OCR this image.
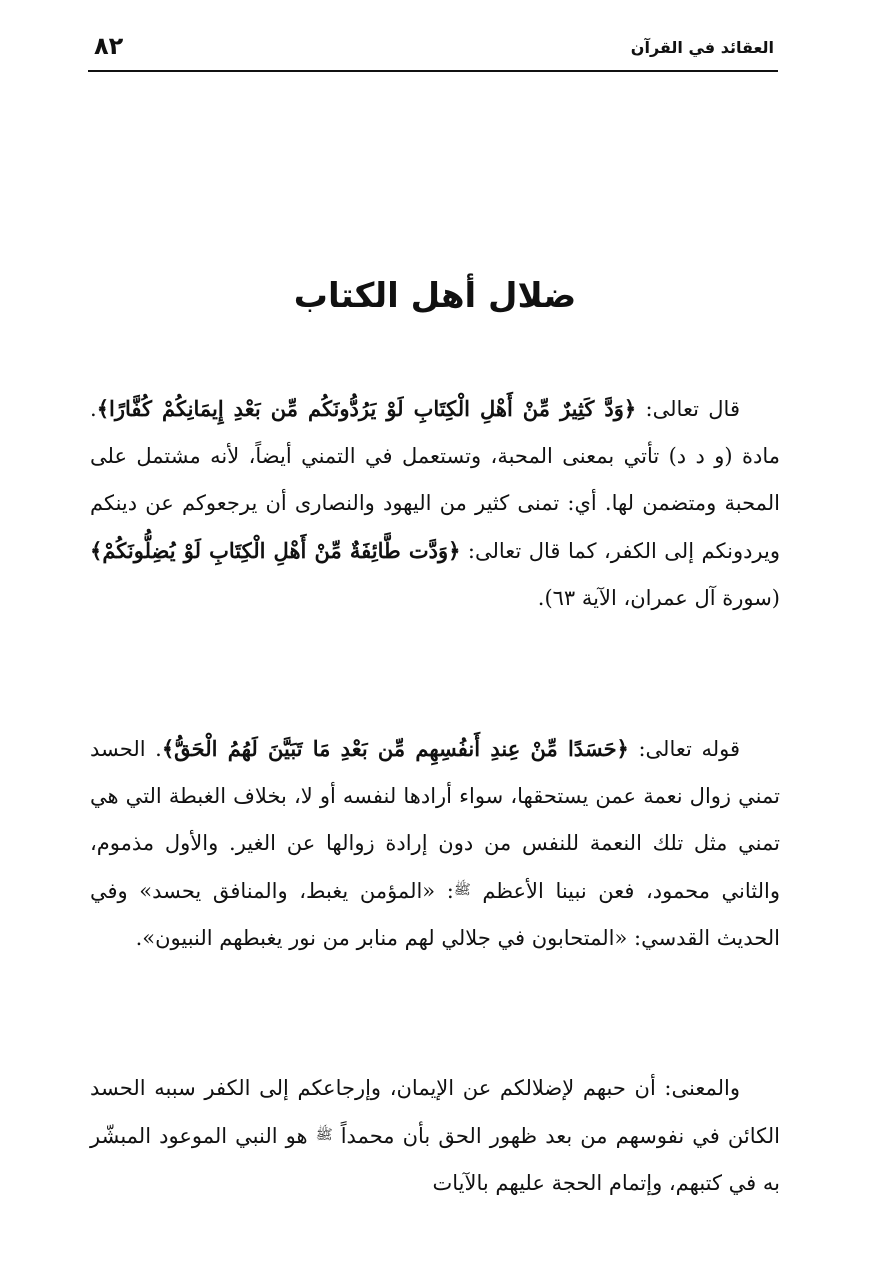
٨٢	العقائد في القرآن
ضلال أهل الكتاب

قال تعالى: ﴿وَدَّ كَثِيرٌ مِّنْ أَهْلِ الْكِتَابِ لَوْ يَرُدُّونَكُم مِّن بَعْدِ إِيمَانِكُمْ كُفَّارًا﴾. مادة (و د د) تأتي بمعنى المحبة، وتستعمل في التمني أيضاً، لأنه مشتمل على المحبة ومتضمن لها. أي: تمنى كثير من اليهود والنصارى أن يرجعوكم عن دينكم ويردونكم إلى الكفر، كما قال تعالى: ﴿وَدَّت طَّائِفَةٌ مِّنْ أَهْلِ الْكِتَابِ لَوْ يُضِلُّونَكُمْ﴾ (سورة آل عمران، الآية ٦٣).

قوله تعالى: ﴿حَسَدًا مِّنْ عِندِ أَنفُسِهِم مِّن بَعْدِ مَا تَبَيَّنَ لَهُمُ الْحَقُّ﴾. الحسد تمني زوال نعمة عمن يستحقها، سواء أرادها لنفسه أو لا، بخلاف الغبطة التي هي تمني مثل تلك النعمة للنفس من دون إرادة زوالها عن الغير. والأول مذموم، والثاني محمود، فعن نبينا الأعظم ﷺ: «المؤمن يغبط، والمنافق يحسد» وفي الحديث القدسي: «المتحابون في جلالي لهم منابر من نور يغبطهم النبيون».

والمعنى: أن حبهم لإضلالكم عن الإيمان، وإرجاعكم إلى الكفر سببه الحسد الكائن في نفوسهم من بعد ظهور الحق بأن محمداً ﷺ هو النبي الموعود المبشّر به في كتبهم، وإتمام الحجة عليهم بالآيات
